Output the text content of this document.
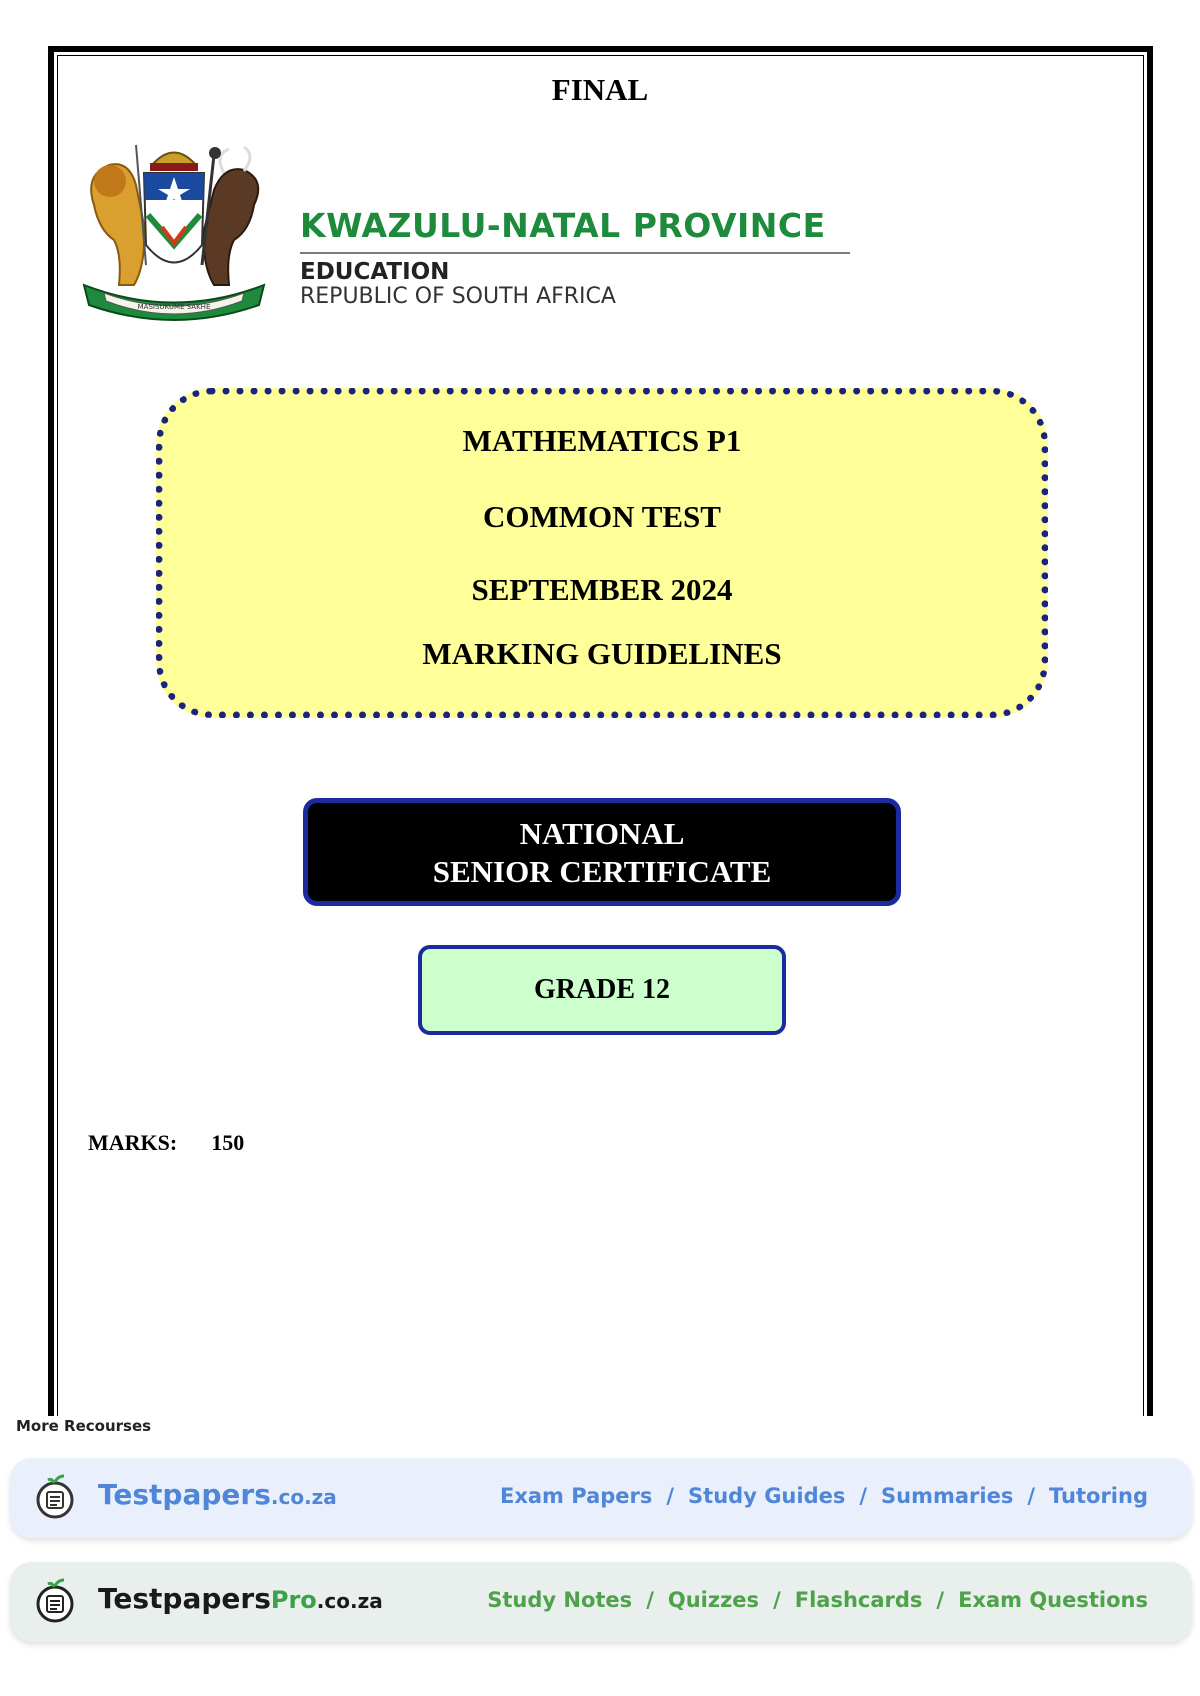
FINAL
MASISUKUME SAKHE
KWAZULU-NATAL PROVINCE
EDUCATION
REPUBLIC OF SOUTH AFRICA
MATHEMATICS P1
COMMON TEST
SEPTEMBER 2024
MARKING GUIDELINES
NATIONAL
SENIOR CERTIFICATE
GRADE 12
MARKS: 150
More Recourses
Testpapers.co.za	Exam Papers / Study Guides / Summaries / Tutoring
TestpapersPro.co.za	Study Notes / Quizzes / Flashcards / Exam Questions
